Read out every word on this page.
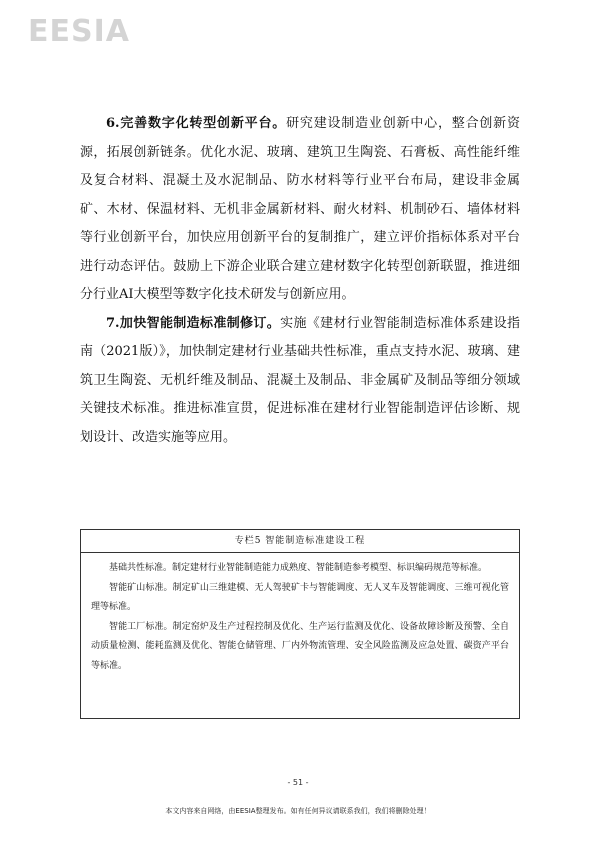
EESIA

6.完善数字化转型创新平台。研究建设制造业创新中心，整合创新资源，拓展创新链条。优化水泥、玻璃、建筑卫生陶瓷、石膏板、高性能纤维及复合材料、混凝土及水泥制品、防水材料等行业平台布局，建设非金属矿、木材、保温材料、无机非金属新材料、耐火材料、机制砂石、墙体材料等行业创新平台，加快应用创新平台的复制推广，建立评价指标体系对平台进行动态评估。鼓励上下游企业联合建立建材数字化转型创新联盟，推进细分行业AI大模型等数字化技术研发与创新应用。

7.加快智能制造标准制修订。实施《建材行业智能制造标准体系建设指南（2021版）》，加快制定建材行业基础共性标准，重点支持水泥、玻璃、建筑卫生陶瓷、无机纤维及制品、混凝土及制品、非金属矿及制品等细分领域关键技术标准。推进标准宣贯，促进标准在建材行业智能制造评估诊断、规划设计、改造实施等应用。

专栏5 智能制造标准建设工程

基础共性标准。制定建材行业智能制造能力成熟度、智能制造参考模型、标识编码规范等标准。

智能矿山标准。制定矿山三维建模、无人驾驶矿卡与智能调度、无人叉车及智能调度、三维可视化管理等标准。

智能工厂标准。制定窑炉及生产过程控制及优化、生产运行监测及优化、设备故障诊断及预警、全自动质量检测、能耗监测及优化、智能仓储管理、厂内外物流管理、安全风险监测及应急处置、碳资产平台等标准。

- 51 -
本文内容来自网络，由EESIA整理发布。如有任何异议请联系我们，我们将删除处理！
